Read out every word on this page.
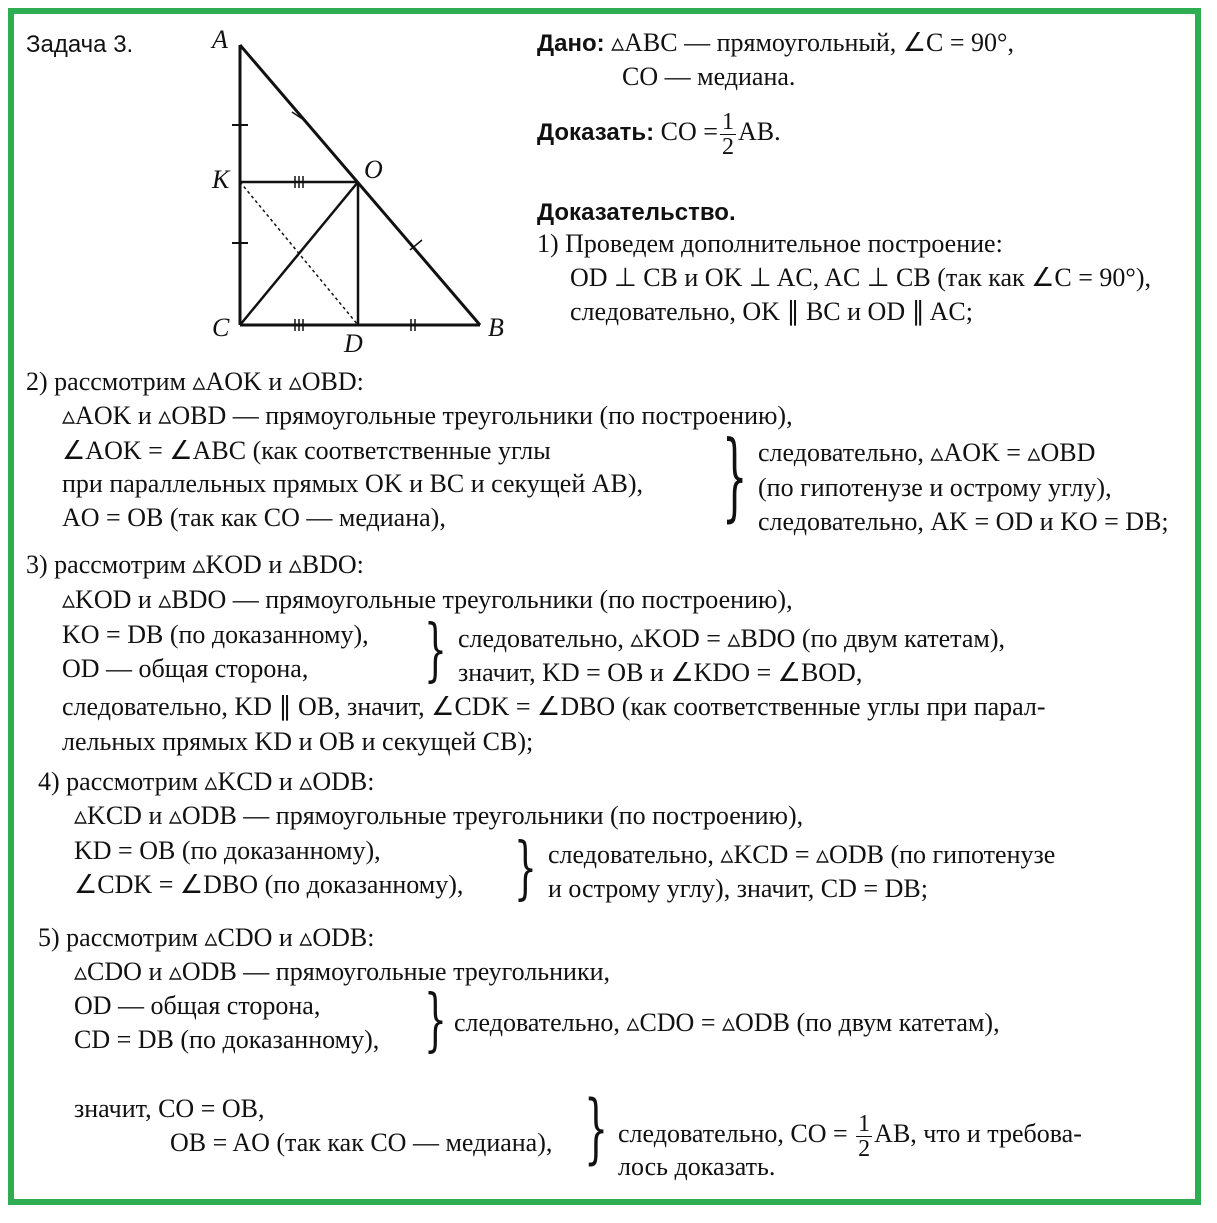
Задача 3.	A
K	O
C
D
B
Дано: ▵ABC — прямоугольный, ∠C = 90°,
CO — медиана.
Доказать: CO = $\frac{1}{2}$ AB.
Доказательство.
1) Проведем дополнительное построение:
OD ⊥ CB и OK ⊥ AC, AC ⊥ CB (так как ∠C = 90°),
следовательно, OK ∥ BC и OD ∥ AC;
2) рассмотрим ▵AOK и ▵OBD:
▵AOK и ▵OBD — прямоугольные треугольники (по построению),
∠AOK = ∠ABC (как соответственные углы
при параллельных прямых OK и BC и секущей AB),
AO = OB (так как CO — медиана),	} следовательно, ▵AOK = ▵OBD
(по гипотенузе и острому углу),
следовательно, AK = OD и KO = DB;
3) рассмотрим ▵KOD и ▵BDO:
▵KOD и ▵BDO — прямоугольные треугольники (по построению),
KO = DB (по доказанному),
OD — общая сторона,	} следовательно, ▵KOD = ▵BDO (по двум катетам),
значит, KD = OB и ∠KDO = ∠BOD,
следовательно, KD ∥ OB, значит, ∠CDK = ∠DBO (как соответственные углы при парал-
лельных прямых KD и OB и секущей CB);
4) рассмотрим ▵KCD и ▵ODB:
▵KCD и ▵ODB — прямоугольные треугольники (по построению),
KD = OB (по доказанному),
∠CDK = ∠DBO (по доказанному), } следовательно, ▵KCD = ▵ODB (по гипотенузе
и острому углу), значит, CD = DB;
5) рассмотрим ▵CDO и ▵ODB:
▵CDO и ▵ODB — прямоугольные треугольники,
OD — общая сторона,
CD = DB (по доказанному), } следовательно, ▵CDO = ▵ODB (по двум катетам),
значит, CO = OB,
OB = AO (так как CO — медиана), } следовательно, CO = $\frac{1}{2}$ AB, что и требова-
лось доказать.
